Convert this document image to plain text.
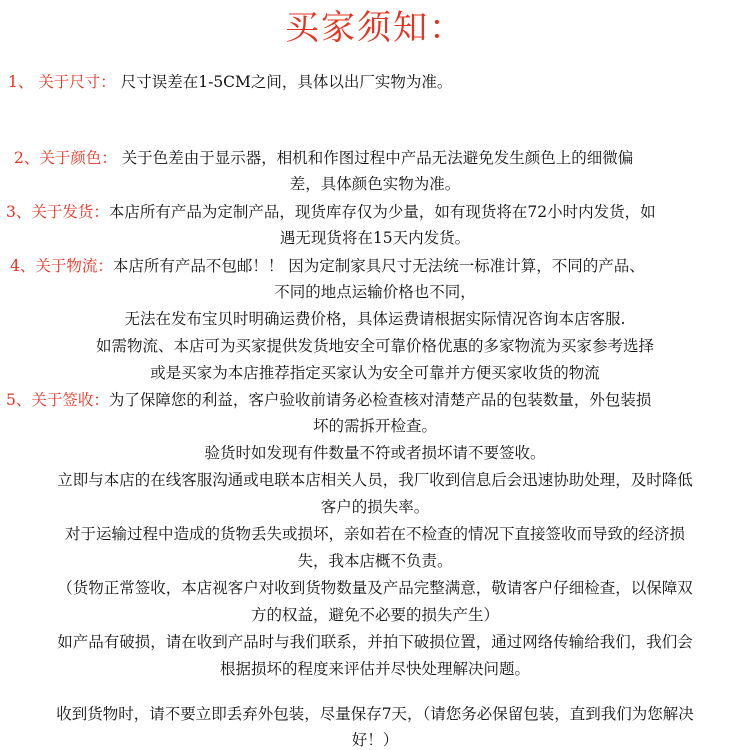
买家须知：
1、 关于尺寸： 尺寸误差在1-5CM之间，具体以出厂实物为准。
2、关于颜色： 关于色差由于显示器，相机和作图过程中产品无法避免发生颜色上的细微偏
差，具体颜色实物为准。
3、关于发货：本店所有产品为定制产品，现货库存仅为少量，如有现货将在72小时内发货，如
遇无现货将在15天内发货。
4、关于物流：本店所有产品不包邮！！ 因为定制家具尺寸无法统一标准计算，不同的产品、
不同的地点运输价格也不同，
无法在发布宝贝时明确运费价格，具体运费请根据实际情况咨询本店客服.
如需物流、本店可为买家提供发货地安全可靠价格优惠的多家物流为买家参考选择
或是买家为本店推荐指定买家认为安全可靠并方便买家收货的物流
5、关于签收：为了保障您的利益，客户验收前请务必检查核对清楚产品的包装数量，外包装损
坏的需拆开检查。
验货时如发现有件数量不符或者损坏请不要签收。
立即与本店的在线客服沟通或电联本店相关人员，我厂收到信息后会迅速协助处理，及时降低
客户的损失率。
对于运输过程中造成的货物丢失或损坏，亲如若在不检查的情况下直接签收而导致的经济损
失，我本店概不负责。
（货物正常签收，本店视客户对收到货物数量及产品完整满意，敬请客户仔细检查，以保障双
方的权益，避免不必要的损失产生）
如产品有破损，请在收到产品时与我们联系，并拍下破损位置，通过网络传输给我们，我们会
根据损坏的程度来评估并尽快处理解决问题。
收到货物时，请不要立即丢弃外包装，尽量保存7天，（请您务必保留包装，直到我们为您解决
好！）
